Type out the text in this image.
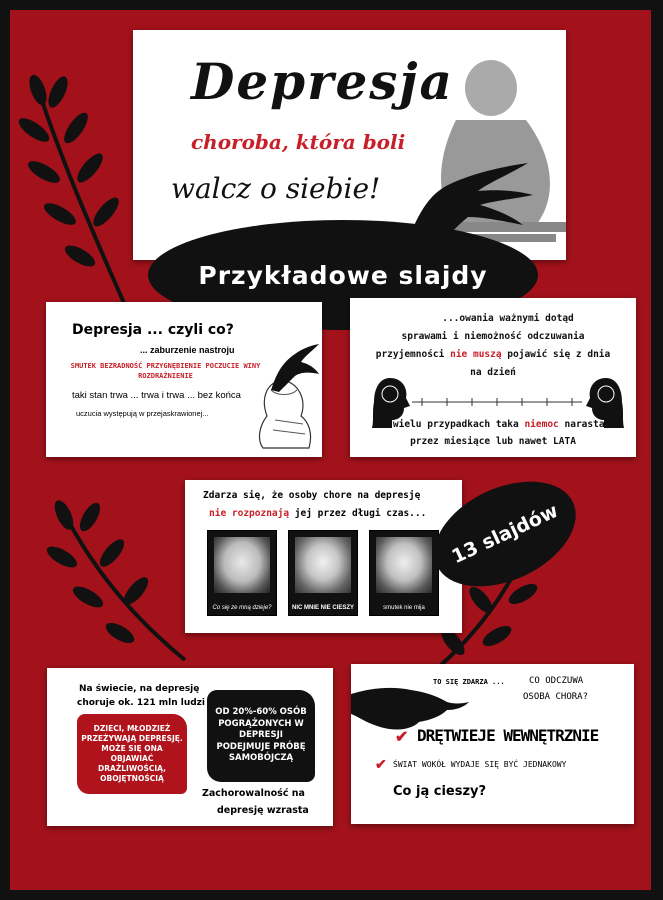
Depresja

choroba, która boli

walcz o siebie!

Przykładowe slajdy

Depresja ... czyli co?

... zaburzenie nastroju

SMUTEK BEZRADNOŚĆ PRZYGNĘBIENIE POCZUCIE WINY ROZDRAŻNIENIE

taki stan trwa ... trwa i trwa ... bez końca

uczucia występują w przejaskrawionej...

...owania ważnymi dotąd
sprawami i niemożność odczuwania
przyjemności nie muszą pojawić się z dnia
na dzień
W wielu przypadkach taka niemoc narasta
przez miesiące lub nawet LATA

Zdarza się, że osoby chore na depresję

nie rozpoznają jej przez długi czas...

Co się ze mną dzieje?	NIC MNIE NIE CIESZY	smutek nie mija
13 slajdów

Na świecie, na depresję

choruje ok. 121 mln ludzi

DZIECI, MŁODZIEŻ PRZEŻYWAJĄ DEPRESJĘ. MOŻE SIĘ ONA OBJAWIAĆ DRAŻLIWOŚCIĄ, OBOJĘTNOŚCIĄ
OD 20%-60% OSÓB POGRĄŻONYCH W DEPRESJI PODEJMUJE PRÓBĘ SAMOBÓJCZĄ

Zachorowalność na

depresję wzrasta

TO SIĘ ZDARZA ...	CO ODCZUWA

OSOBA CHORA?

✔ DRĘTWIEJE WEWNĘTRZNIE

✔ ŚWIAT WOKÓŁ WYDAJE SIĘ BYĆ JEDNAKOWY

Co ją cieszy?
